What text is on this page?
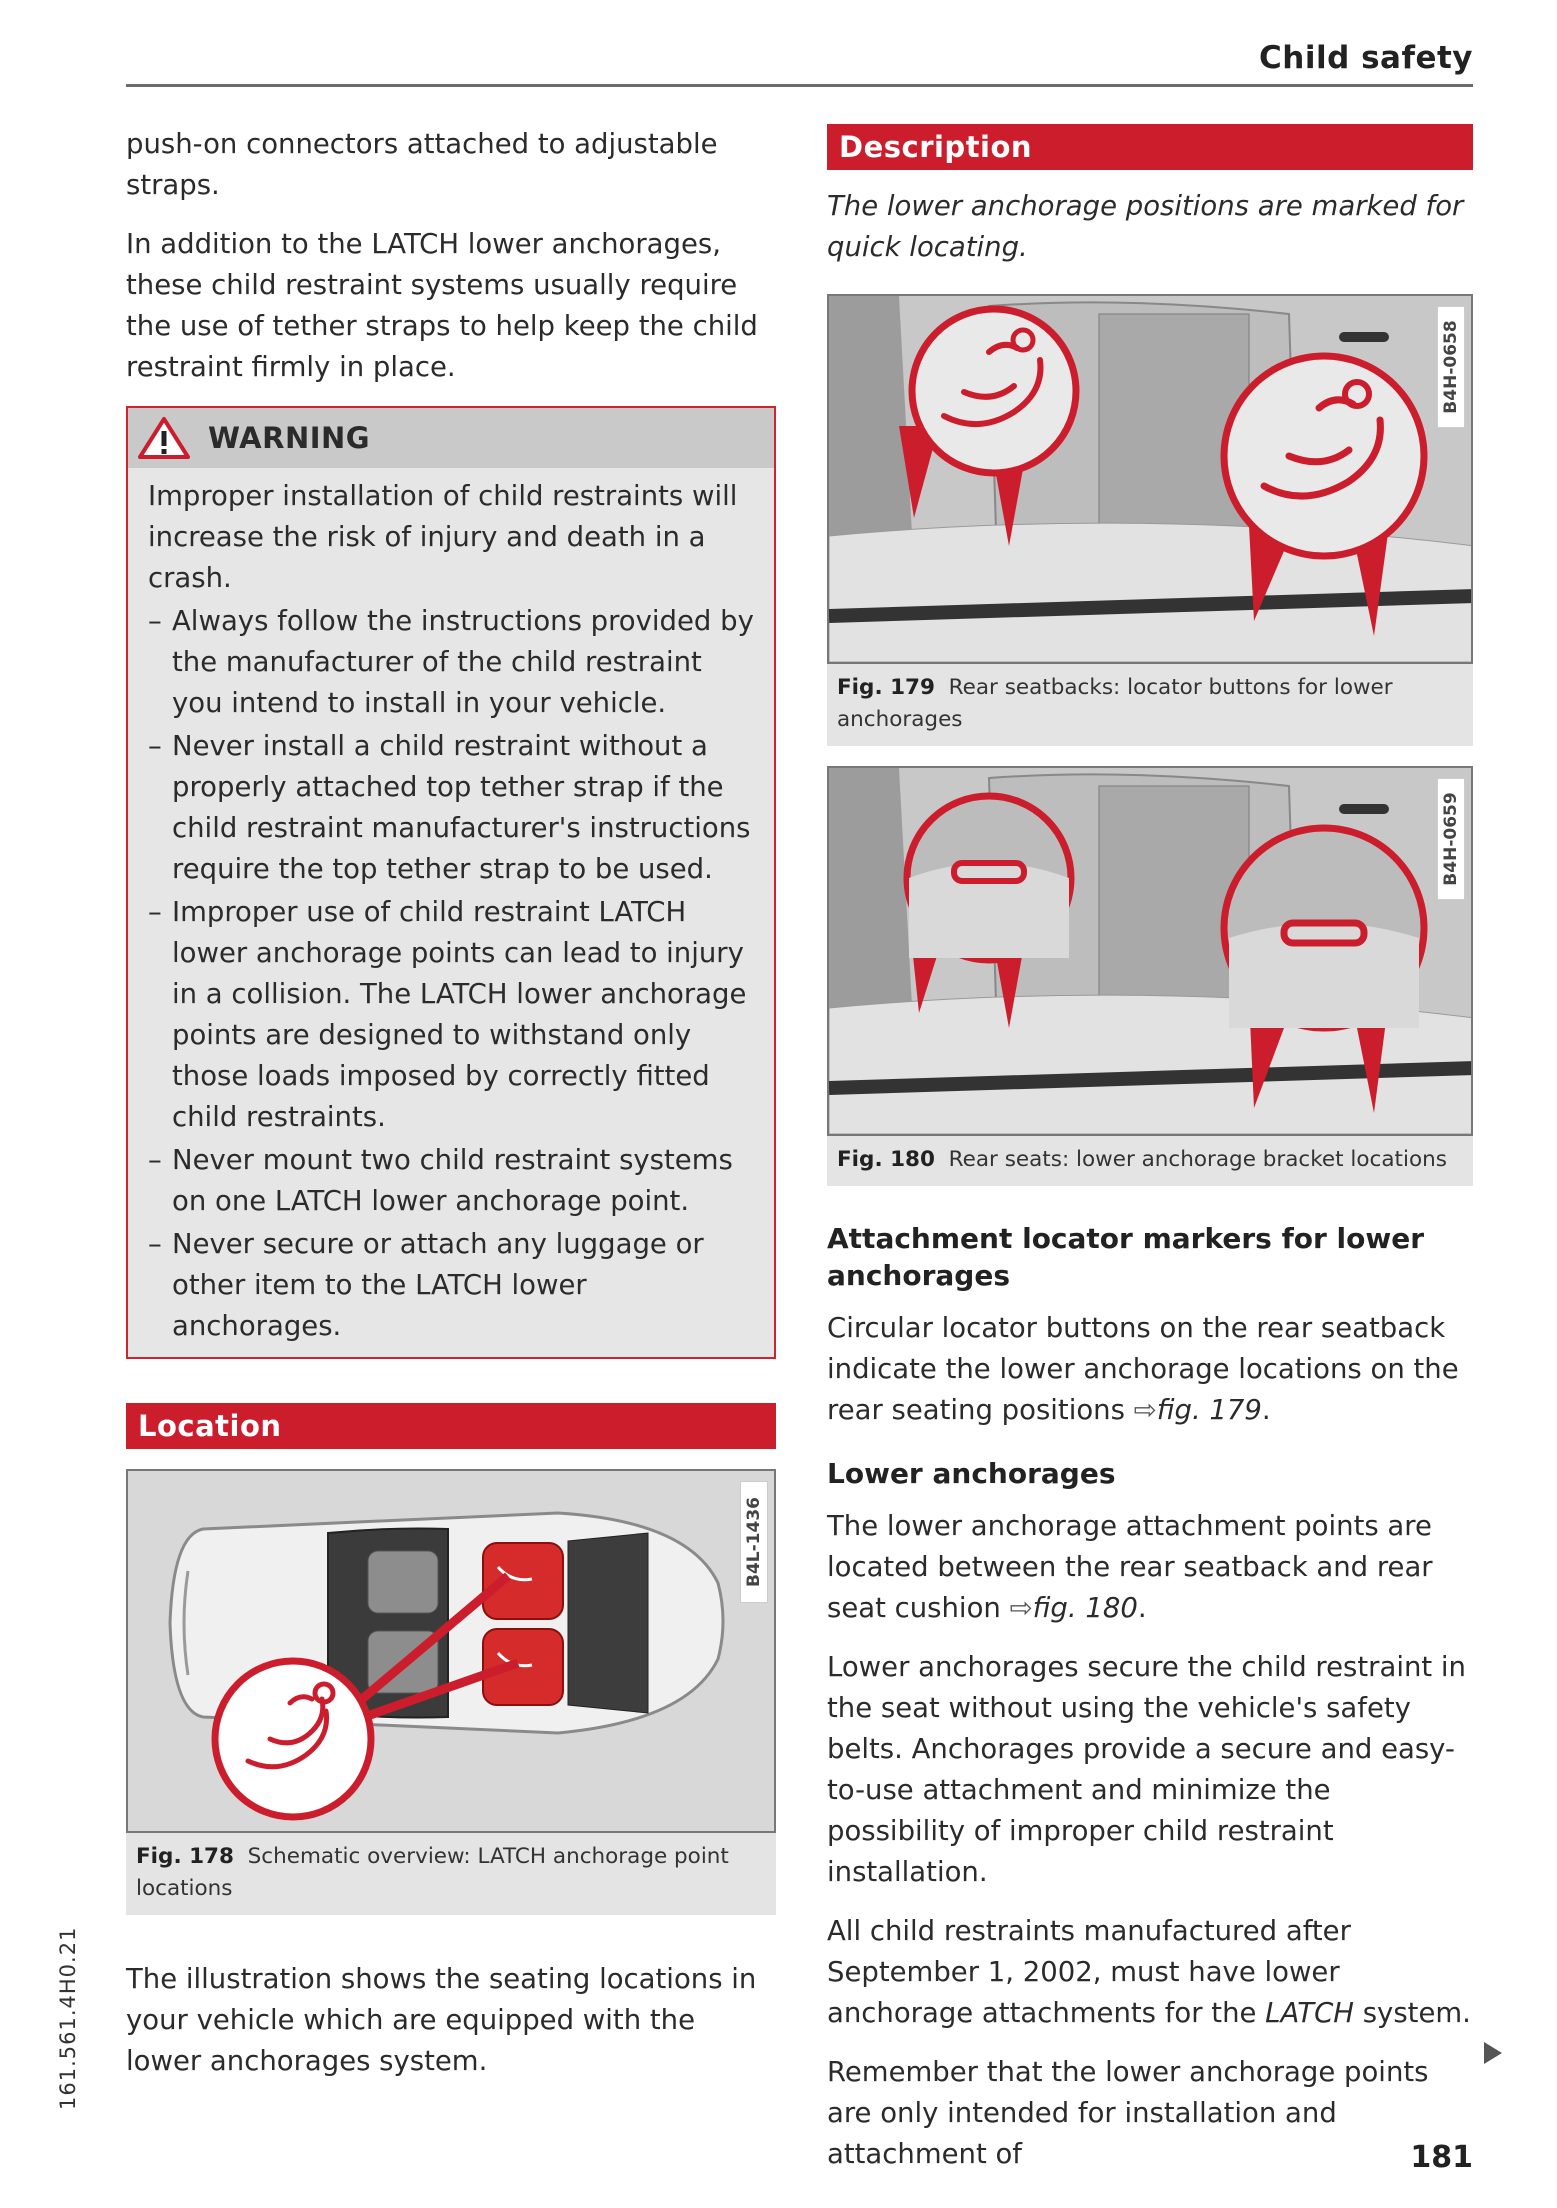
Child safety

push-on connectors attached to adjustable straps.

In addition to the LATCH lower anchorages, these child restraint systems usually require the use of tether straps to help keep the child restraint firmly in place.

WARNING

Improper installation of child restraints will increase the risk of injury and death in a crash.

– Always follow the instructions provided by the manufacturer of the child restraint you intend to install in your vehicle.
– Never install a child restraint without a properly attached top tether strap if the child restraint manufacturer's instructions require the top tether strap to be used.
– Improper use of child restraint LATCH lower anchorage points can lead to injury in a collision. The LATCH lower anchorage points are designed to withstand only those loads imposed by correctly fitted child restraints.
– Never mount two child restraint systems on one LATCH lower anchorage point.
– Never secure or attach any luggage or other item to the LATCH lower anchorages.
Location
B4L-1436
Fig. 178 Schematic overview: LATCH anchorage point locations

The illustration shows the seating locations in your vehicle which are equipped with the lower anchorages system.

Description

The lower anchorage positions are marked for quick locating.

B4H-0658
Fig. 179 Rear seatbacks: locator buttons for lower anchorages
B4H-0659
Fig. 180 Rear seats: lower anchorage bracket locations
Attachment locator markers for lower anchorages

Circular locator buttons on the rear seatback indicate the lower anchorage locations on the rear seating positions ⇨fig. 179.

Lower anchorages

The lower anchorage attachment points are located between the rear seatback and rear seat cushion ⇨fig. 180.

Lower anchorages secure the child restraint in the seat without using the vehicle's safety belts. Anchorages provide a secure and easy-to-use attachment and minimize the possibility of improper child restraint installation.

All child restraints manufactured after September 1, 2002, must have lower anchorage attachments for the LATCH system.

Remember that the lower anchorage points are only intended for installation and attachment of

161.561.4H0.21
181
